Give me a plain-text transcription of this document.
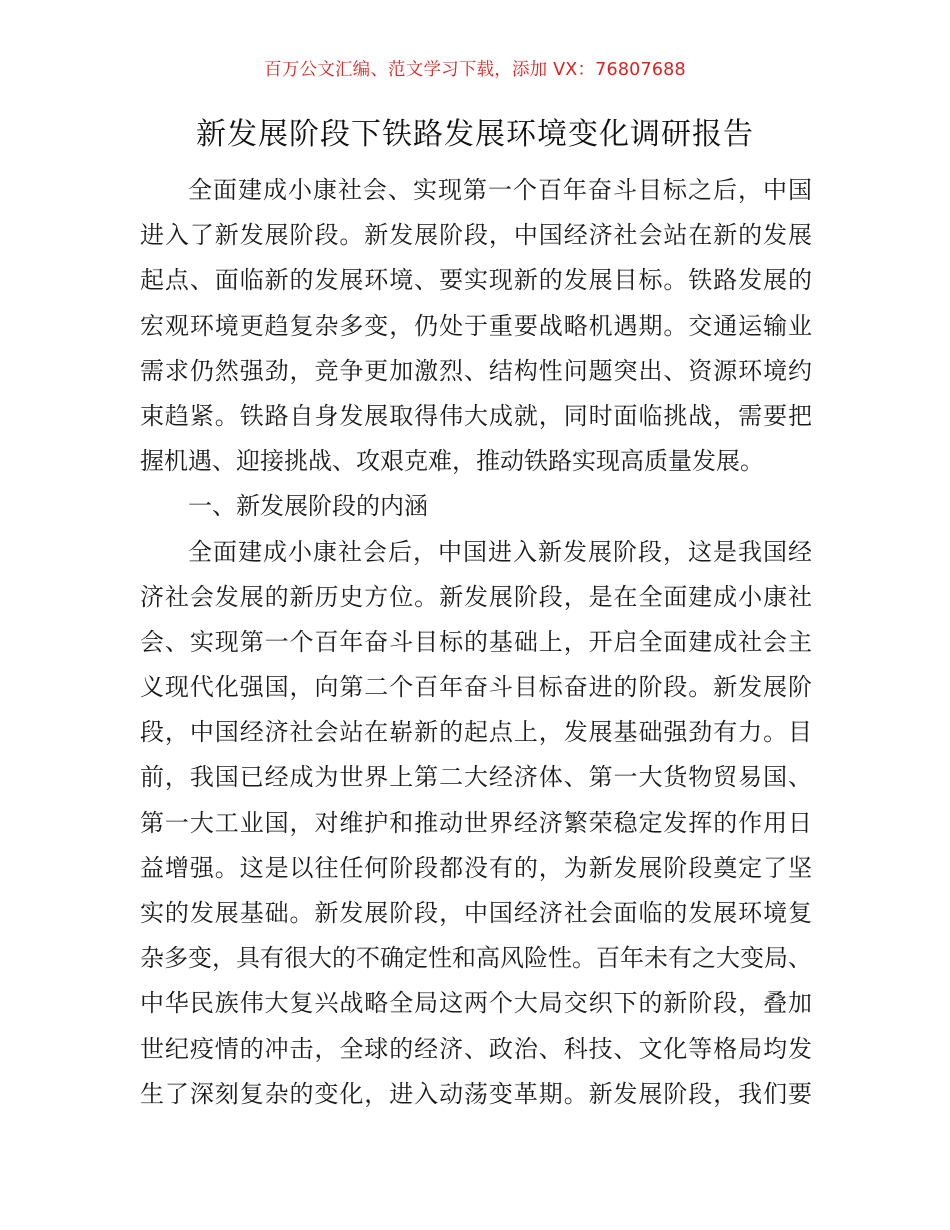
百万公文汇编、范文学习下载，添加 VX：76807688
新发展阶段下铁路发展环境变化调研报告
全面建成小康社会、实现第一个百年奋斗目标之后，中国
进入了新发展阶段。新发展阶段，中国经济社会站在新的发展
起点、面临新的发展环境、要实现新的发展目标。铁路发展的
宏观环境更趋复杂多变，仍处于重要战略机遇期。交通运输业
需求仍然强劲，竞争更加激烈、结构性问题突出、资源环境约
束趋紧。铁路自身发展取得伟大成就，同时面临挑战，需要把
握机遇、迎接挑战、攻艰克难，推动铁路实现高质量发展。
一、新发展阶段的内涵
全面建成小康社会后，中国进入新发展阶段，这是我国经
济社会发展的新历史方位。新发展阶段，是在全面建成小康社
会、实现第一个百年奋斗目标的基础上，开启全面建成社会主
义现代化强国，向第二个百年奋斗目标奋进的阶段。新发展阶
段，中国经济社会站在崭新的起点上，发展基础强劲有力。目
前，我国已经成为世界上第二大经济体、第一大货物贸易国、
第一大工业国，对维护和推动世界经济繁荣稳定发挥的作用日
益增强。这是以往任何阶段都没有的，为新发展阶段奠定了坚
实的发展基础。新发展阶段，中国经济社会面临的发展环境复
杂多变，具有很大的不确定性和高风险性。百年未有之大变局、
中华民族伟大复兴战略全局这两个大局交织下的新阶段，叠加
世纪疫情的冲击，全球的经济、政治、科技、文化等格局均发
生了深刻复杂的变化，进入动荡变革期。新发展阶段，我们要
